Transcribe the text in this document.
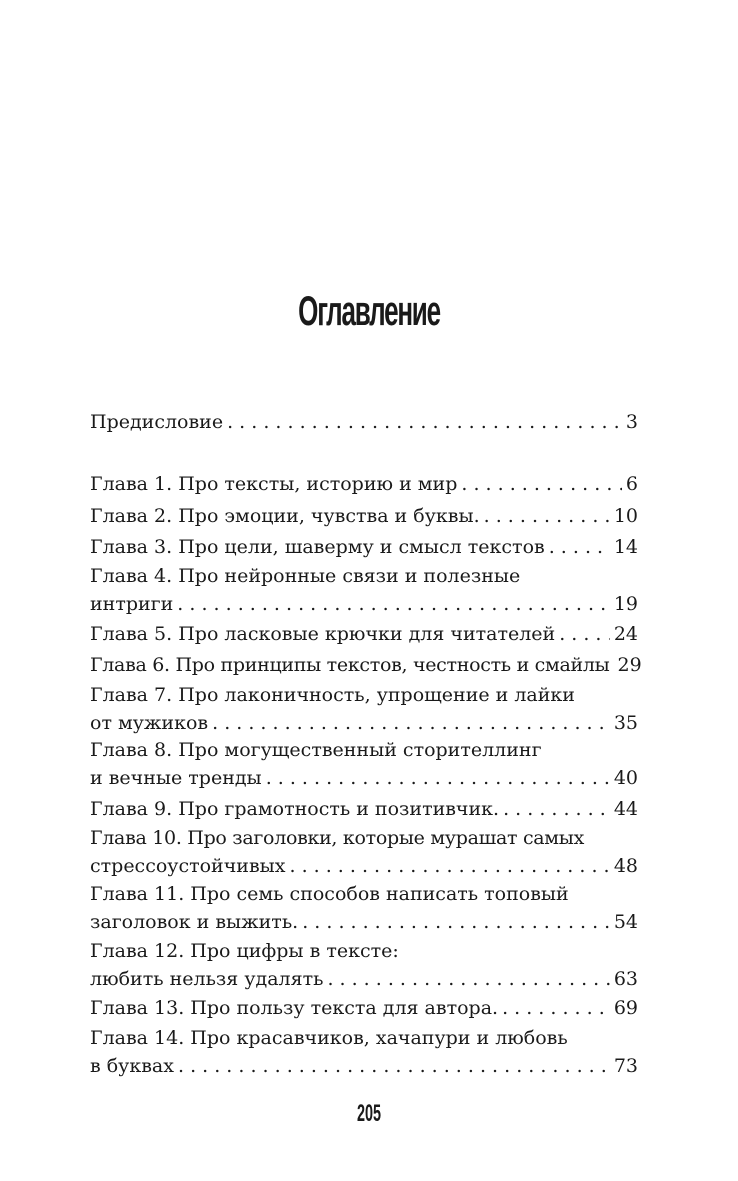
Оглавление
Предисловие . . .	3
Глава 1. Про тексты, историю и мир . . .	6
Глава 2. Про эмоции, чувства и буквы. . . .	10
Глава 3. Про цели, шаверму и смысл текстов . . .	14
Глава 4. Про нейронные связи и полезные
интриги . . .	19
Глава 5. Про ласковые крючки для читателей . . .	24
Глава 6. Про принципы текстов, честность и смайлы 29
Глава 7. Про лаконичность, упрощение и лайки
от мужиков . . .	35
Глава 8. Про могущественный сторителлинг
и вечные тренды . . .	40
Глава 9. Про грамотность и позитивчик. . . .	44
Глава 10. Про заголовки, которые мурашат самых
стрессоустойчивых . . .	48
Глава 11. Про семь способов написать топовый
заголовок и выжить. . . .	54
Глава 12. Про цифры в тексте:
любить нельзя удалять . . .	63
Глава 13. Про пользу текста для автора. . . .	69
Глава 14. Про красавчиков, хачапури и любовь
в буквах . . .	73
205
